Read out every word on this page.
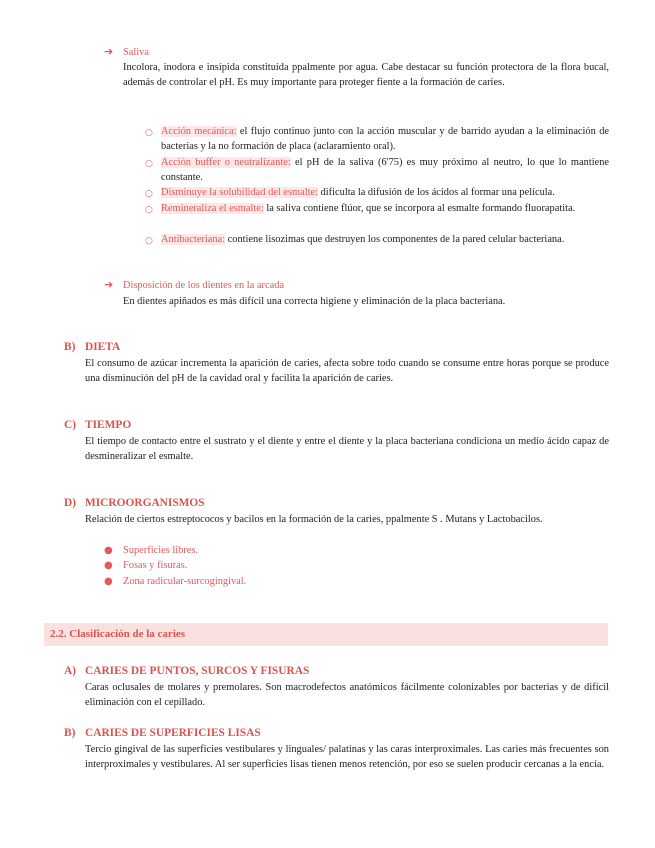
➔ Saliva
Incolora, inodora e insípida constituida ppalmente por agua. Cabe destacar su función protectora de la flora bucal, además de controlar el pH. Es muy importante para proteger fiente a la formación de caries.
○ Acción mecánica: el flujo continuo junto con la acción muscular y de barrido ayudan a la eliminación de bacterias y la no formación de placa (aclaramiento oral).
○ Acción buffer o neutralizante: el pH de la saliva (6'75) es muy próximo al neutro, lo que lo mantiene constante.
○ Disminuye la solubilidad del esmalte: dificulta la difusión de los ácidos al formar una película.
○ Remineraliza el esmalte: la saliva contiene flúor, que se incorpora al esmalte formando fluorapatita.
○ Antibacteriana: contiene lisozimas que destruyen los componentes de la pared celular bacteriana.
➔ Disposición de los dientes en la arcada
En dientes apiñados es más difícil una correcta higiene y eliminación de la placa bacteriana.
B) DIETA
El consumo de azúcar incrementa la aparición de caries, afecta sobre todo cuando se consume entre horas porque se produce una disminución del pH de la cavidad oral y facilita la aparición de caries.
C) TIEMPO
El tiempo de contacto entre el sustrato y el diente y entre el diente y la placa bacteriana condiciona un medio ácido capaz de desmineralizar el esmalte.
D) MICROORGANISMOS
Relación de ciertos estreptococos y bacilos en la formación de la caries, ppalmente S . Mutans y Lactobacilos.
● Superficies libres.
● Fosas y fisuras.
● Zona radicular-surcogingival.
2.2. Clasificación de la caries
A) CARIES DE PUNTOS, SURCOS Y FISURAS
Caras oclusales de molares y premolares. Son macrodefectos anatómicos fácilmente colonizables por bacterias y de difícil eliminación con el cepillado.
B) CARIES DE SUPERFICIES LISAS
Tercio gingival de las superficies vestibulares y linguales/ palatinas y las caras interproximales. Las caries más frecuentes son interproximales y vestibulares. Al ser superficies lisas tienen menos retención, por eso se suelen producir cercanas a la encía.
